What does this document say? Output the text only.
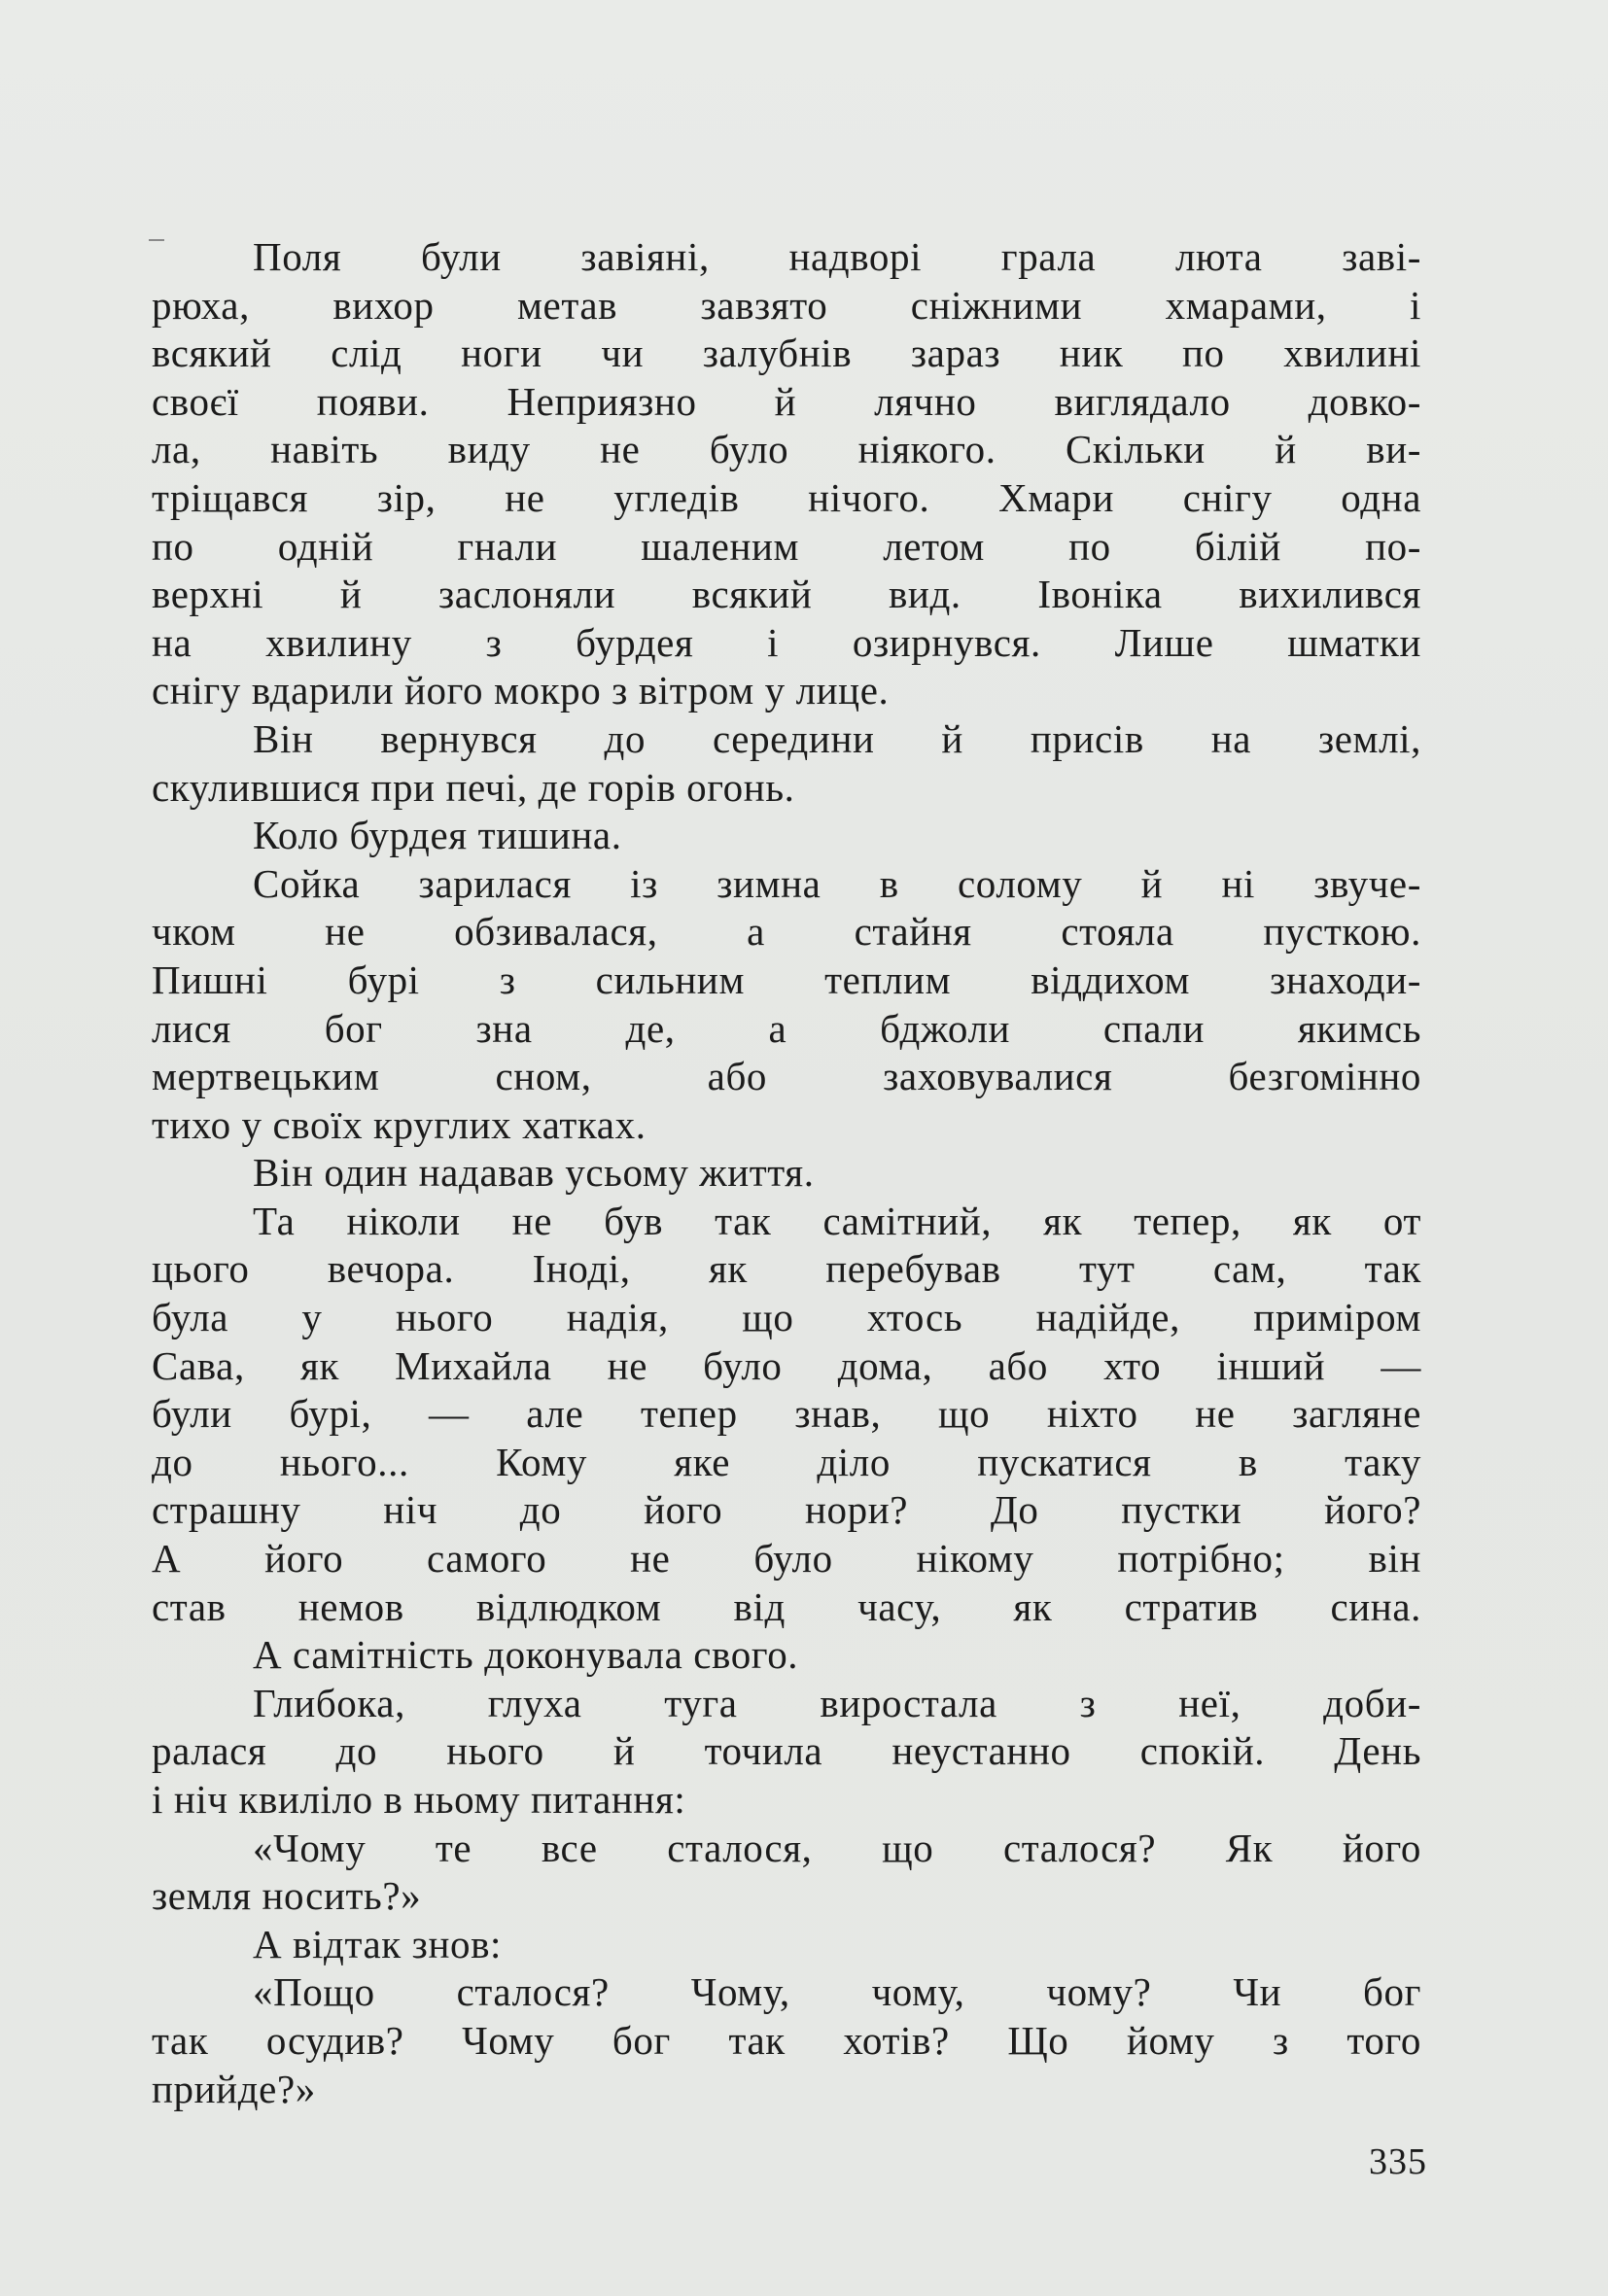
Поля були завіяні, надворі грала люта заві-
рюха, вихор метав завзято сніжними хмарами, і
всякий слід ноги чи залубнів зараз ник по хвилині
своєї появи. Неприязно й лячно виглядало довко-
ла, навіть виду не було ніякого. Скільки й ви-
тріщався зір, не угледів нічого. Хмари снігу одна
по одній гнали шаленим летом по білій по-
верхні й заслоняли всякий вид. Івоніка вихилився
на хвилину з бурдея і озирнувся. Лише шматки
снігу вдарили його мокро з вітром у лице.
Він вернувся до середини й присів на землі,
скулившися при печі, де горів огонь.
Коло бурдея тишина.
Сойка зарилася із зимна в солому й ні звуче-
чком не обзивалася, а стайня стояла пусткою.
Пишні бурі з сильним теплим віддихом знаходи-
лися бог зна де, а бджоли спали якимсь
мертвецьким сном, або заховувалися безгомінно
тихо у своїх круглих хатках.
Він один надавав усьому життя.
Та ніколи не був так самітний, як тепер, як от
цього вечора. Іноді, як перебував тут сам, так
була у нього надія, що хтось надійде, приміром
Сава, як Михайла не було дома, або хто інший —
були бурі, — але тепер знав, що ніхто не загляне
до нього... Кому яке діло пускатися в таку
страшну ніч до його нори? До пустки його?
А його самого не було нікому потрібно; він
став немов відлюдком від часу, як стратив сина.
А самітність доконувала свого.
Глибока, глуха туга виростала з неї, доби-
ралася до нього й точила неустанно спокій. День
і ніч квиліло в ньому питання:
«Чому те все сталося, що сталося? Як його
земля носить?»
А відтак знов:
«Пощо сталося? Чому, чому, чому? Чи бог
так осудив? Чому бог так хотів? Що йому з того
прийде?»
335
